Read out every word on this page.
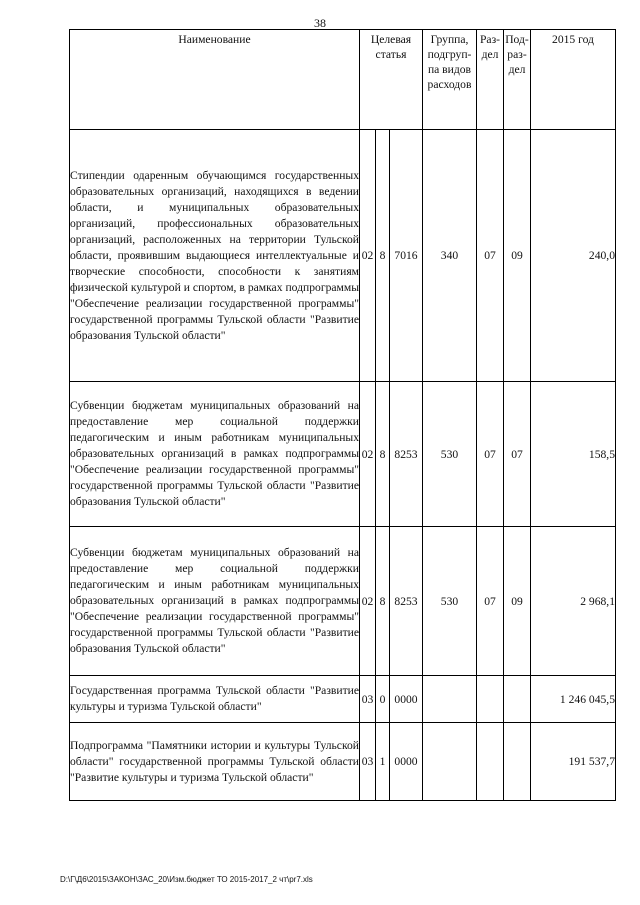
38
Наименование	Целевая статья			Группа, подгруп-па видов расходов	Раз-дел	Под-раз-дел	2015 год
Стипендии одаренным обучающимся государственных образовательных организаций, находящихся в ведении области, и муниципальных образовательных организаций, профессиональных образовательных организаций, расположенных на территории Тульской области, проявившим выдающиеся интеллектуальные и творческие способности, способности к занятиям физической культурой и спортом, в рамках подпрограммы "Обеспечение реализации государственной программы" государственной программы Тульской области "Развитие образования Тульской области"	02	8	7016	340	07	09	240,0
Субвенции бюджетам муниципальных образований на предоставление мер социальной поддержки педагогическим и иным работникам муниципальных образовательных организаций в рамках подпрограммы "Обеспечение реализации государственной программы" государственной программы Тульской области "Развитие образования Тульской области"	02	8	8253	530	07	07	158,5
Субвенции бюджетам муниципальных образований на предоставление мер социальной поддержки педагогическим и иным работникам муниципальных образовательных организаций в рамках подпрограммы "Обеспечение реализации государственной программы" государственной программы Тульской области "Развитие образования Тульской области"	02	8	8253	530	07	09	2 968,1
Государственная программа Тульской области "Развитие культуры и туризма Тульской области"	03	0	0000				1 246 045,5
Подпрограмма "Памятники истории и культуры Тульской области" государственной программы Тульской области "Развитие культуры и туризма Тульской области"	03	1	0000				191 537,7
D:\Г\Д6\2015\ЗАКОН\ЗАС_20\Изм.бюджет ТО 2015-2017_2 чт\pr7.xls
